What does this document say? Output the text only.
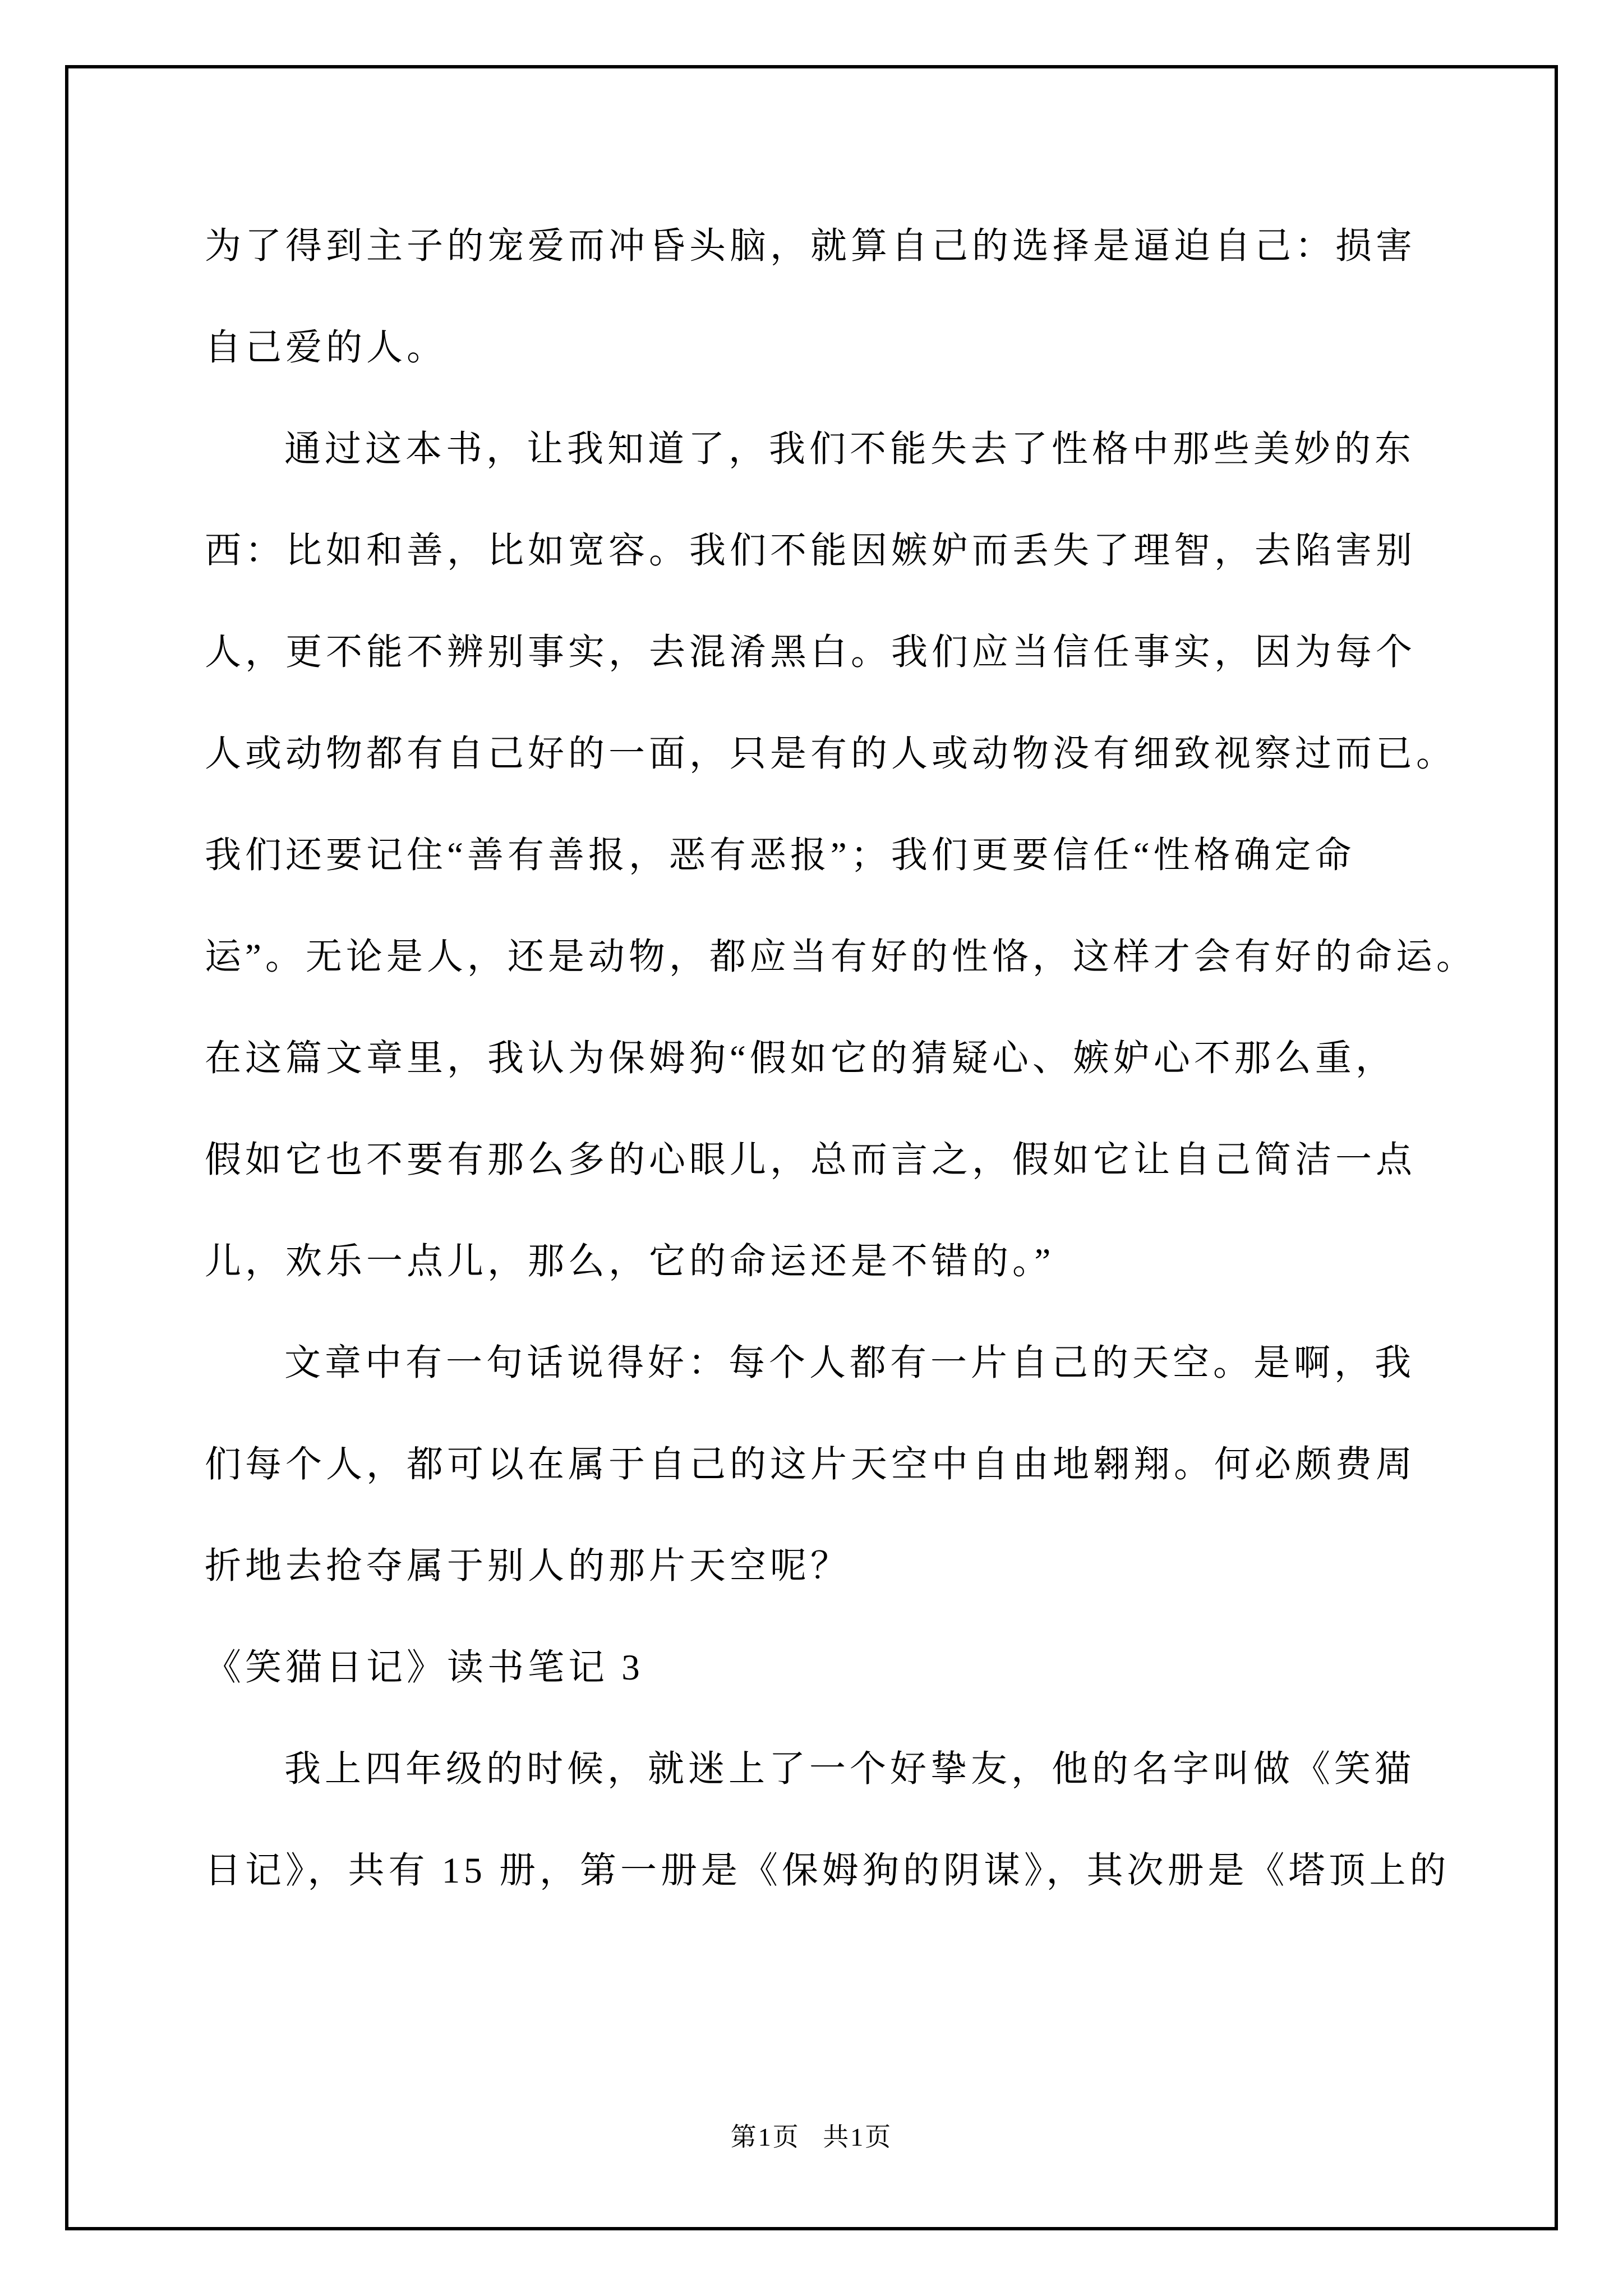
为了得到主子的宠爱而冲昏头脑，就算自己的选择是逼迫自己：损害
自己爱的人。
通过这本书，让我知道了，我们不能失去了性格中那些美妙的东
西：比如和善，比如宽容。我们不能因嫉妒而丢失了理智，去陷害别
人，更不能不辨别事实，去混淆黑白。我们应当信任事实，因为每个
人或动物都有自己好的一面，只是有的人或动物没有细致视察过而已。
我们还要记住“善有善报，恶有恶报”；我们更要信任“性格确定命
运”。无论是人，还是动物，都应当有好的性恪，这样才会有好的命运。
在这篇文章里，我认为保姆狗“假如它的猜疑心、嫉妒心不那么重，
假如它也不要有那么多的心眼儿，总而言之，假如它让自己简洁一点
儿，欢乐一点儿，那么，它的命运还是不错的。”
文章中有一句话说得好：每个人都有一片自己的天空。是啊，我
们每个人，都可以在属于自己的这片天空中自由地翱翔。何必颇费周
折地去抢夺属于别人的那片天空呢？
《笑猫日记》读书笔记 3
我上四年级的时候，就迷上了一个好挚友，他的名字叫做《笑猫
日记》，共有 15 册，第一册是《保姆狗的阴谋》，其次册是《塔顶上的
第1页 共1页
